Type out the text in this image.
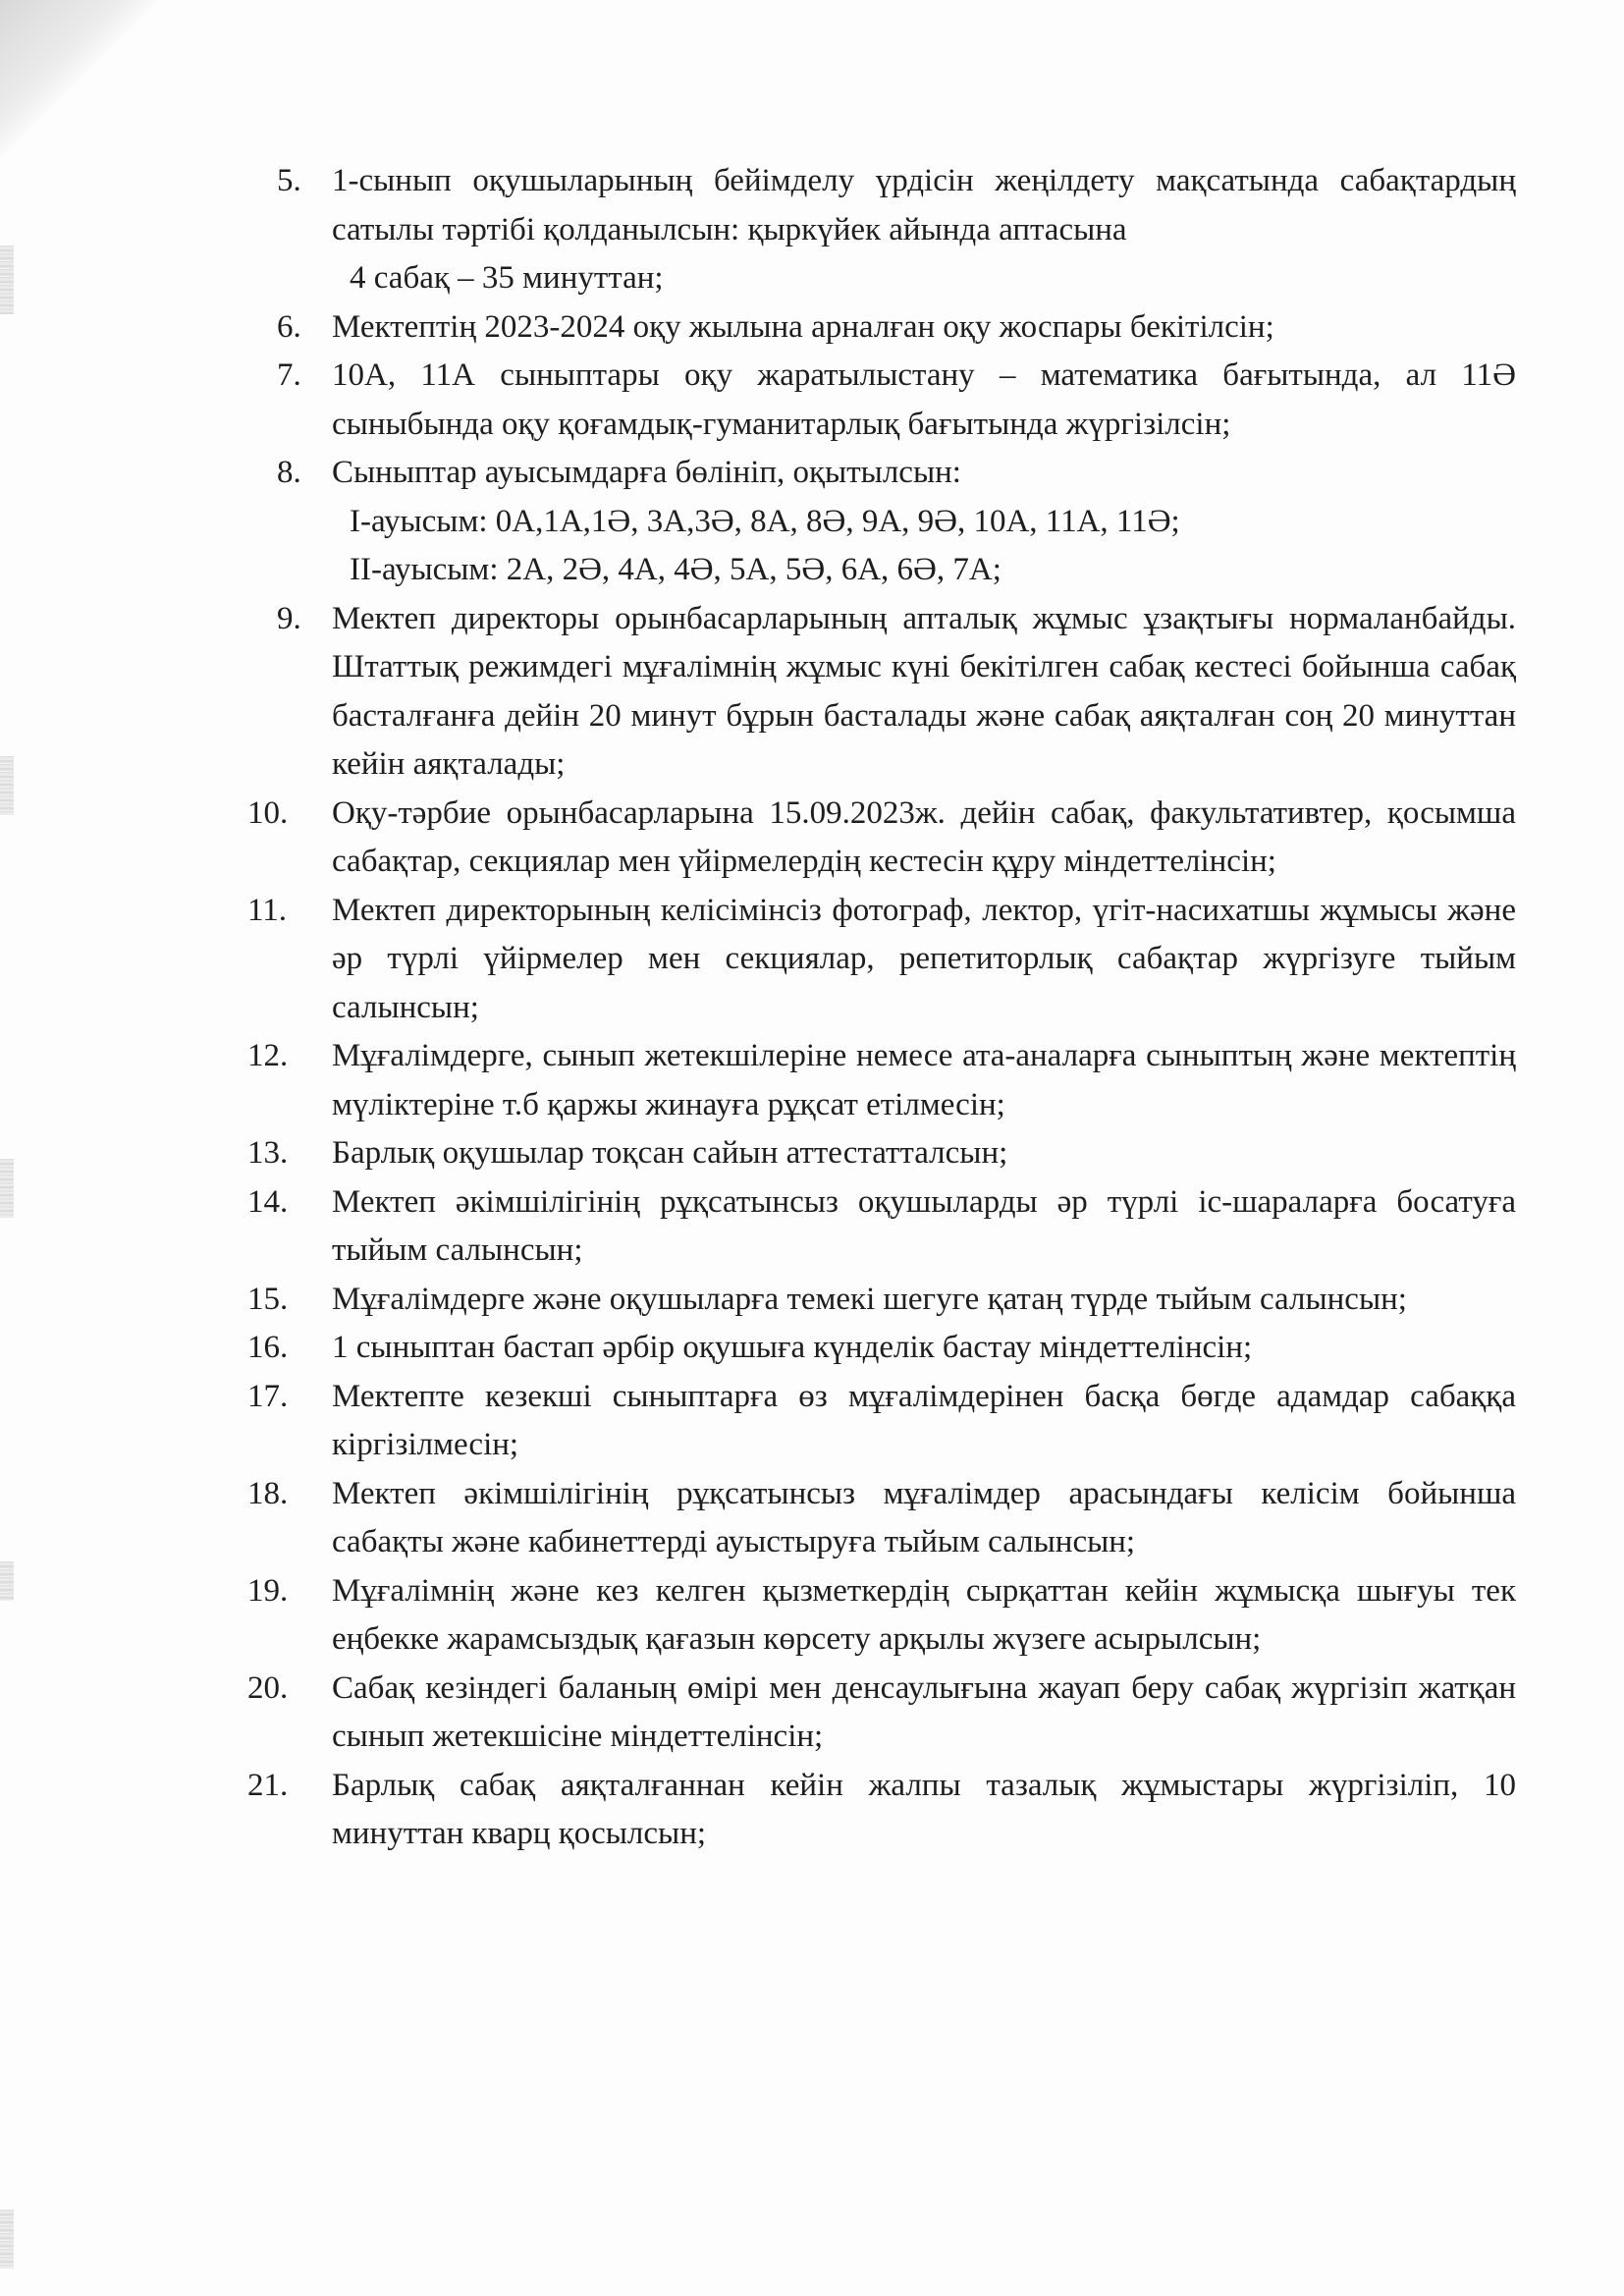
5. 1-сынып оқушыларының бейімделу үрдісін жеңілдету мақсатында сабақтардың сатылы тәртібі қолданылсын: қыркүйек айында аптасына
4 сабақ – 35 минуттан;
6. Мектептің 2023-2024 оқу жылына арналған оқу жоспары бекітілсін;
7. 10А, 11А сыныптары оқу жаратылыстану – математика бағытында, ал 11Ә сыныбында оқу қоғамдық-гуманитарлық бағытында жүргізілсін;
8. Сыныптар ауысымдарға бөлініп, оқытылсын:
І-ауысым: 0А,1А,1Ә, 3А,3Ә, 8А, 8Ә, 9А, 9Ә, 10А, 11А, 11Ә;
ІІ-ауысым: 2А, 2Ә, 4А, 4Ә, 5А, 5Ә, 6А, 6Ә, 7А;
9. Мектеп директоры орынбасарларының апталық жұмыс ұзақтығы нормаланбайды. Штаттық режимдегі мұғалімнің жұмыс күні бекітілген сабақ кестесі бойынша сабақ басталғанға дейін 20 минут бұрын басталады және сабақ аяқталған соң 20 минуттан кейін аяқталады;
10.	Оқу-тәрбие орынбасарларына 15.09.2023ж. дейін сабақ, факультативтер, қосымша сабақтар, секциялар мен үйірмелердің кестесін құру міндеттелінсін;
11.	Мектеп директорының келісімінсіз фотограф, лектор, үгіт-насихатшы жұмысы және әр түрлі үйірмелер мен секциялар, репетиторлық сабақтар жүргізуге тыйым салынсын;
12.	Мұғалімдерге, сынып жетекшілеріне немесе ата-аналарға сыныптың және мектептің мүліктеріне т.б қаржы жинауға рұқсат етілмесін;
13.	Барлық оқушылар тоқсан сайын аттестатталсын;
14.	Мектеп әкімшілігінің рұқсатынсыз оқушыларды әр түрлі іс-шараларға босатуға тыйым салынсын;
15.	Мұғалімдерге және оқушыларға темекі шегуге қатаң түрде тыйым салынсын;
16.	1 сыныптан бастап әрбір оқушыға күнделік бастау міндеттелінсін;
17.	Мектепте кезекші сыныптарға өз мұғалімдерінен басқа бөгде адамдар сабаққа кіргізілмесін;
18.	Мектеп әкімшілігінің рұқсатынсыз мұғалімдер арасындағы келісім бойынша сабақты және кабинеттерді ауыстыруға тыйым салынсын;
19.	Мұғалімнің және кез келген қызметкердің сырқаттан кейін жұмысқа шығуы тек еңбекке жарамсыздық қағазын көрсету арқылы жүзеге асырылсын;
20.	Сабақ кезіндегі баланың өмірі мен денсаулығына жауап беру сабақ жүргізіп жатқан сынып жетекшісіне міндеттелінсін;
21.	Барлық сабақ аяқталғаннан кейін жалпы тазалық жұмыстары жүргізіліп, 10 минуттан кварц қосылсын;
